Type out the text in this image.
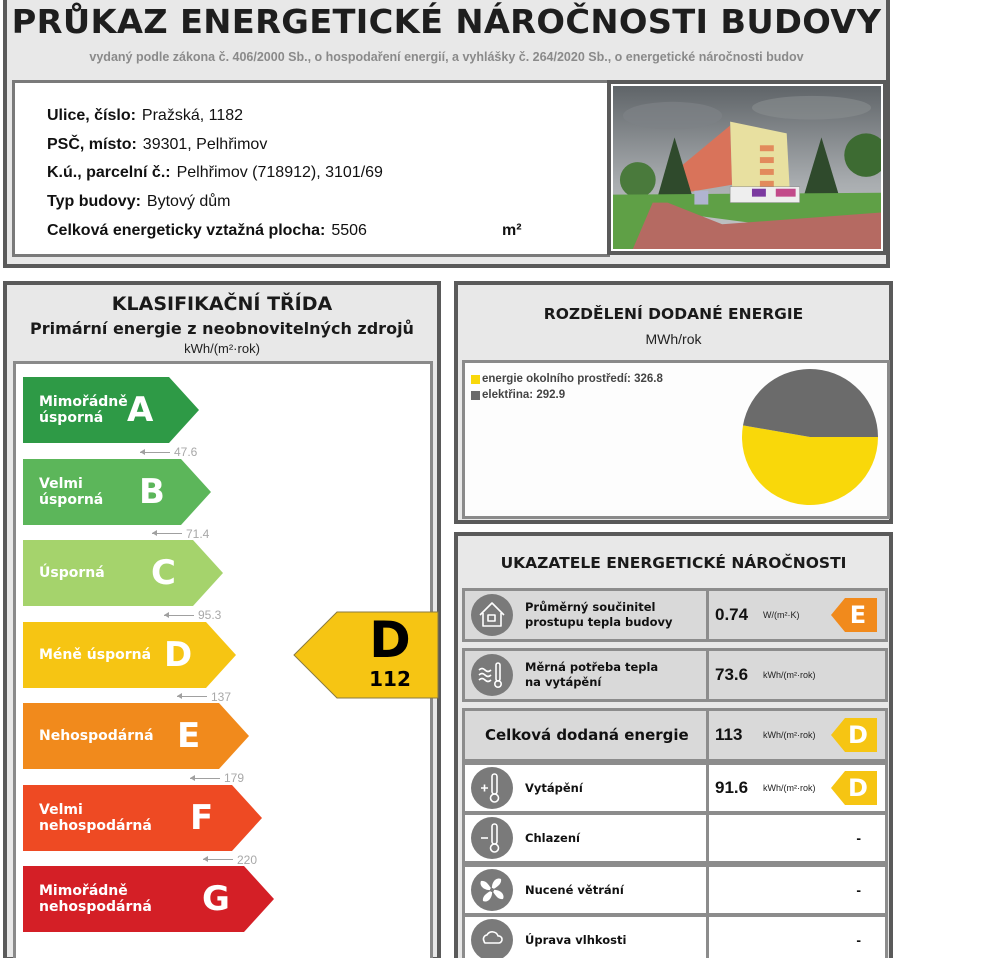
PRŮKAZ ENERGETICKÉ NÁROČNOSTI BUDOVY
vydaný podle zákona č. 406/2000 Sb., o hospodaření energií, a vyhlášky č. 264/2020 Sb., o energetické náročnosti budov
Ulice, číslo: Pražská, 1182
PSČ, místo: 39301, Pelhřimov
K.ú., parcelní č.: Pelhřimov (718912), 3101/69
Typ budovy: Bytový dům
Celková energeticky vztažná plocha: 5506	m²
KLASIFIKAČNÍ TŘÍDA
Primární energie z neobnovitelných zdrojů
kWh/(m²·rok)
D
112
Mimořádně
úsporná A
47.6
Velmi
úsporná B
71.4
Úsporná C
95.3
Méně úsporná D
137
Nehospodárná E
179
Velmi
nehospodárná F
220
Mimořádně
nehospodárná G
ROZDĚLENÍ DODANÉ ENERGIE
MWh/rok
energie okolního prostředí: 326.8
elektřina: 292.9
UKAZATELE ENERGETICKÉ NÁROČNOSTI
Průměrný součinitel
prostupu tepla budovy 0.74 W/(m²·K) E
Měrná potřeba tepla
na vytápění	73.6 kWh/(m²·rok)
Celková dodaná energie 113 kWh/(m²·rok) D
Vytápění	91.6 kWh/(m²·rok) D
Chlazení	-
Nucené větrání	-
Úprava vlhkosti	-
